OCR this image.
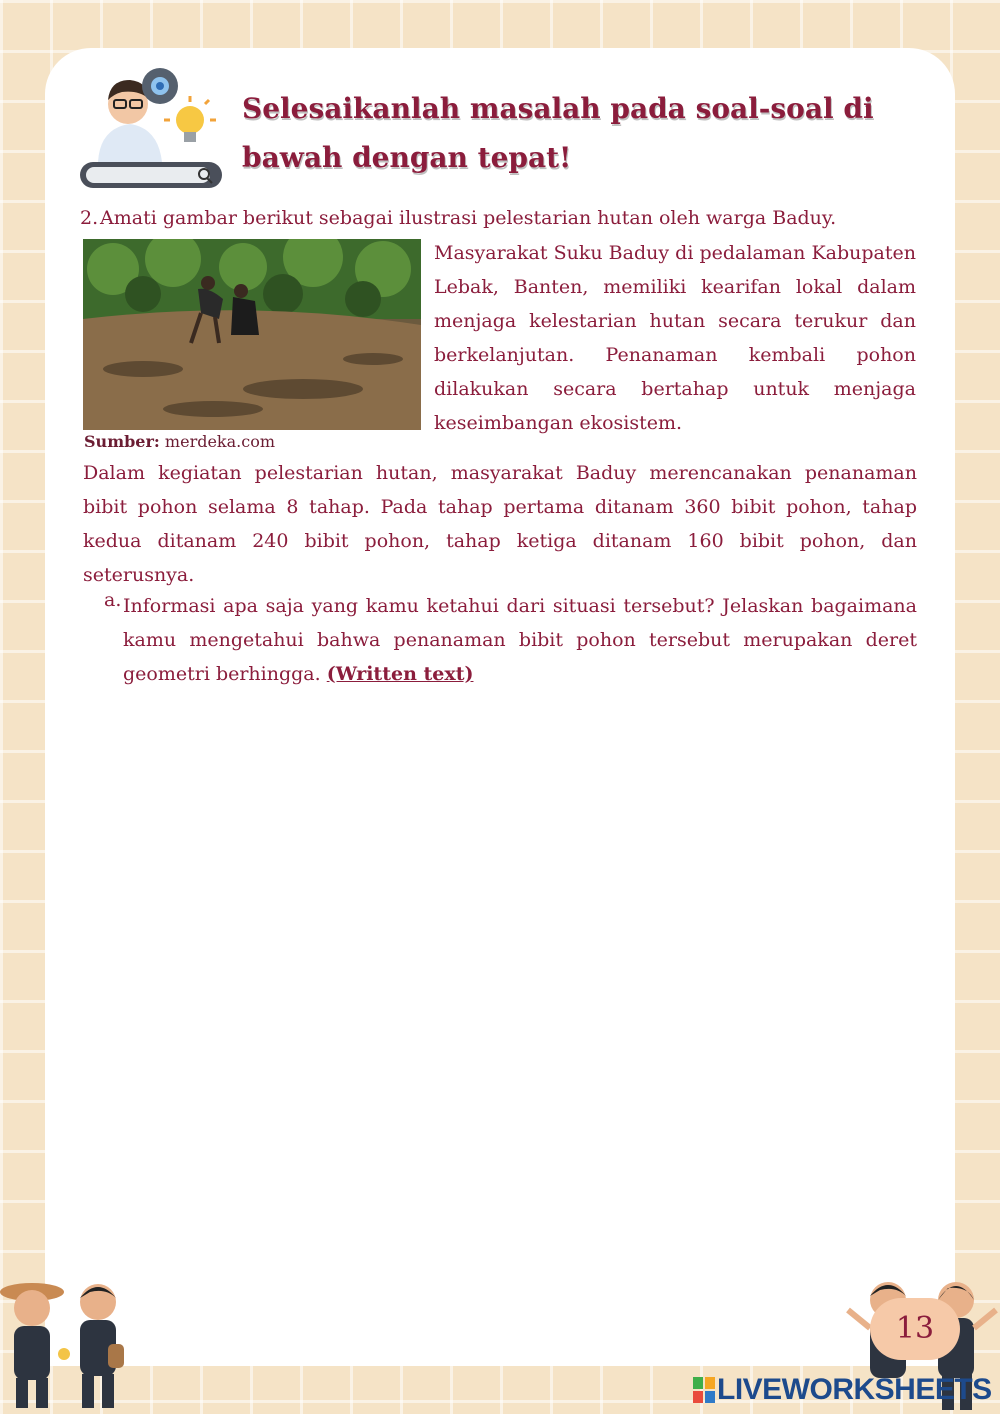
Selesaikanlah masalah pada soal-soal di bawah dengan tepat!
2. Amati gambar berikut sebagai ilustrasi pelestarian hutan oleh warga Baduy.
Masyarakat Suku Baduy di pedalaman Kabupaten Lebak, Banten, memiliki kearifan lokal dalam menjaga kelestarian hutan secara terukur dan berkelanjutan. Penanaman kembali pohon dilakukan secara bertahap untuk menjaga keseimbangan ekosistem.
Sumber: merdeka.com
Dalam kegiatan pelestarian hutan, masyarakat Baduy merencanakan penanaman bibit pohon selama 8 tahap. Pada tahap pertama ditanam 360 bibit pohon, tahap kedua ditanam 240 bibit pohon, tahap ketiga ditanam 160 bibit pohon, dan seterusnya.
a. Informasi apa saja yang kamu ketahui dari situasi tersebut? Jelaskan bagaimana kamu mengetahui bahwa penanaman bibit pohon tersebut merupakan deret geometri berhingga. (Written text)
13
LIVEWORKSHEETS
